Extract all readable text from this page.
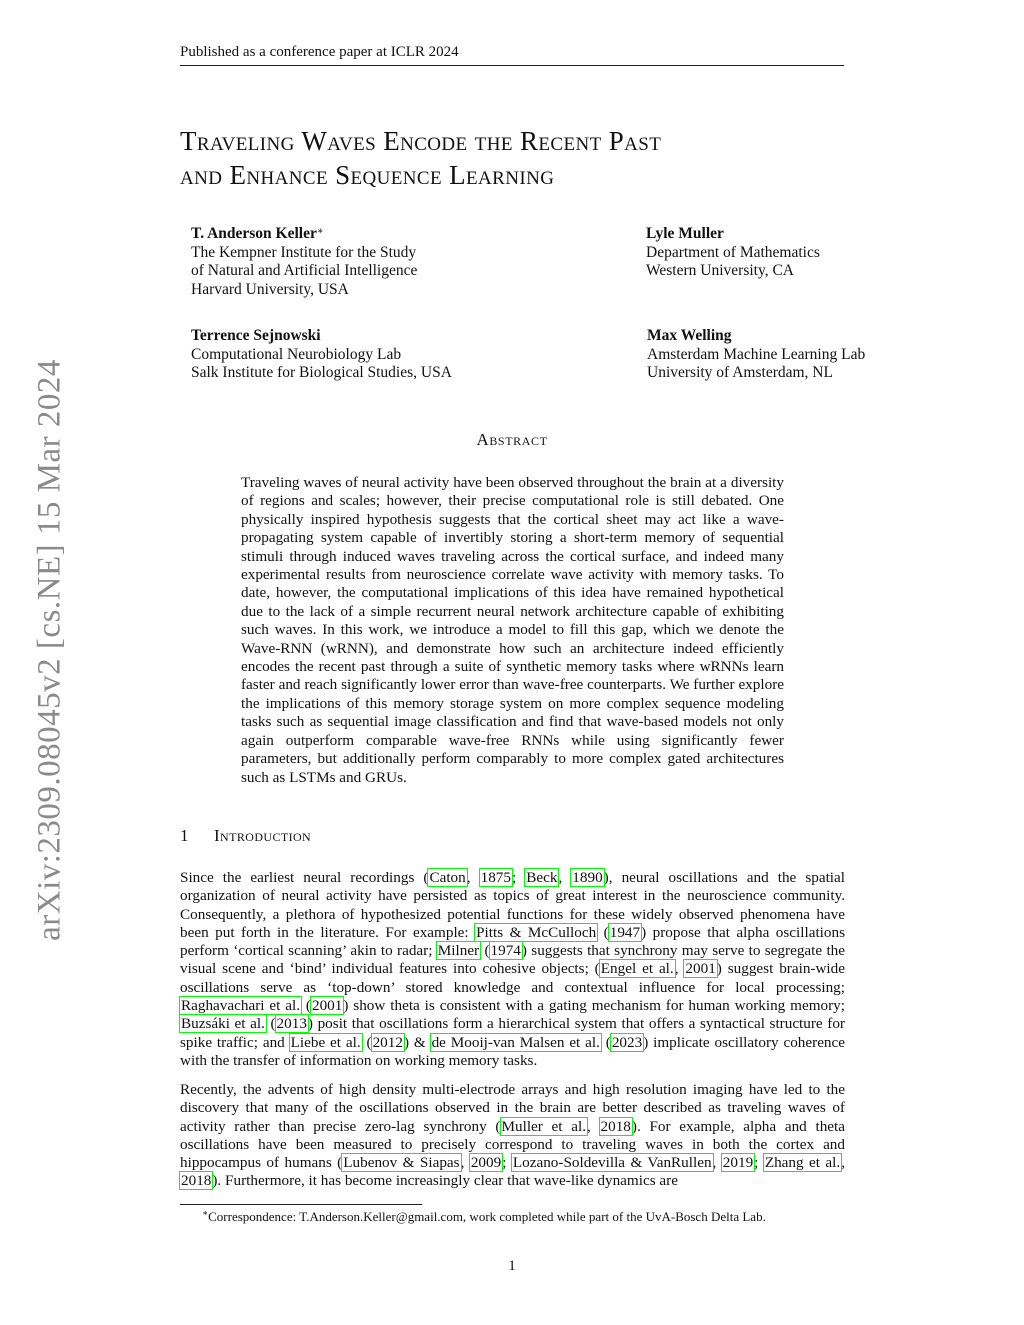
Published as a conference paper at ICLR 2024
arXiv:2309.08045v2 [cs.NE] 15 Mar 2024
Traveling Waves Encode the Recent Past
and Enhance Sequence Learning
T. Anderson Keller∗
The Kempner Institute for the Study
of Natural and Artificial Intelligence
Harvard University, USA
Lyle Muller
Department of Mathematics
Western University, CA
Terrence Sejnowski
Computational Neurobiology Lab
Salk Institute for Biological Studies, USA
Max Welling
Amsterdam Machine Learning Lab
University of Amsterdam, NL
Abstract
Traveling waves of neural activity have been observed throughout the brain at a diversity of regions and scales; however, their precise computational role is still debated. One physically inspired hypothesis suggests that the cortical sheet may act like a wave-propagating system capable of invertibly storing a short-term memory of sequential stimuli through induced waves traveling across the cortical surface, and indeed many experimental results from neuroscience correlate wave activity with memory tasks. To date, however, the computational implications of this idea have remained hypothetical due to the lack of a simple recurrent neural network architecture capable of exhibiting such waves. In this work, we introduce a model to fill this gap, which we denote the Wave-RNN (wRNN), and demonstrate how such an architecture indeed efficiently encodes the recent past through a suite of synthetic memory tasks where wRNNs learn faster and reach significantly lower error than wave-free counterparts. We further explore the implications of this memory storage system on more complex sequence modeling tasks such as sequential image classification and find that wave-based models not only again outperform comparable wave-free RNNs while using significantly fewer parameters, but additionally perform comparably to more complex gated architectures such as LSTMs and GRUs.
1 Introduction

Since the earliest neural recordings (Caton, 1875; Beck, 1890), neural oscillations and the spatial organization of neural activity have persisted as topics of great interest in the neuroscience community. Consequently, a plethora of hypothesized potential functions for these widely observed phenomena have been put forth in the literature. For example: Pitts & McCulloch (1947) propose that alpha oscillations perform ‘cortical scanning’ akin to radar; Milner (1974) suggests that synchrony may serve to segregate the visual scene and ‘bind’ individual features into cohesive objects; (Engel et al., 2001) suggest brain-wide oscillations serve as ‘top-down’ stored knowledge and contextual influence for local processing; Raghavachari et al. (2001) show theta is consistent with a gating mechanism for human working memory; Buzsáki et al. (2013) posit that oscillations form a hierarchical system that offers a syntactical structure for spike traffic; and Liebe et al. (2012) & de Mooij-van Malsen et al. (2023) implicate oscillatory coherence with the transfer of information on working memory tasks.

Recently, the advents of high density multi-electrode arrays and high resolution imaging have led to the discovery that many of the oscillations observed in the brain are better described as traveling waves of activity rather than precise zero-lag synchrony (Muller et al., 2018). For example, alpha and theta oscillations have been measured to precisely correspond to traveling waves in both the cortex and hippocampus of humans (Lubenov & Siapas, 2009; Lozano-Soldevilla & VanRullen, 2019; Zhang et al., 2018). Furthermore, it has become increasingly clear that wave-like dynamics are

∗Correspondence: T.Anderson.Keller@gmail.com, work completed while part of the UvA-Bosch Delta Lab.
1
